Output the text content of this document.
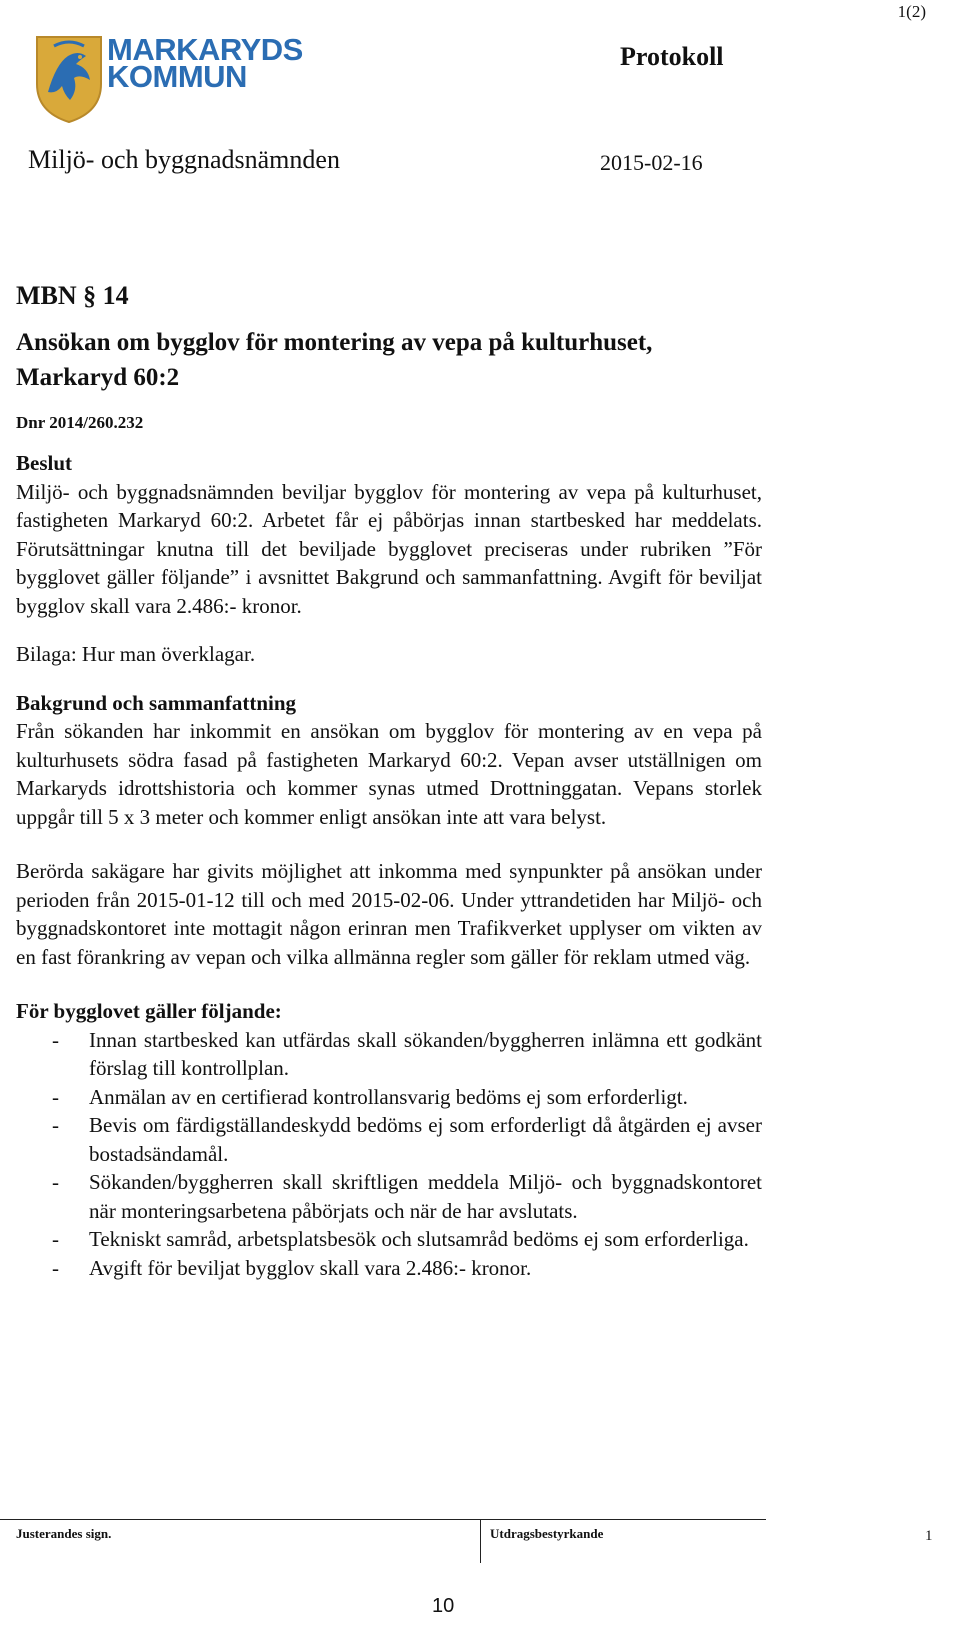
1(2)
MARKARYDS
KOMMUN
Protokoll
Miljö- och byggnadsnämnden	2015-02-16
MBN § 14
Ansökan om bygglov för montering av vepa på kulturhuset, Markaryd 60:2
Dnr 2014/260.232
Beslut

Miljö- och byggnadsnämnden beviljar bygglov för montering av vepa på kulturhuset, fastigheten Markaryd 60:2. Arbetet får ej påbörjas innan startbesked har meddelats. Förutsättningar knutna till det beviljade bygglovet preciseras under rubriken ”För bygglovet gäller följande” i avsnittet Bakgrund och sammanfattning. Avgift för beviljat bygglov skall vara 2.486:- kronor.

Bilaga: Hur man överklagar.

Bakgrund och sammanfattning

Från sökanden har inkommit en ansökan om bygglov för montering av en vepa på kulturhusets södra fasad på fastigheten Markaryd 60:2. Vepan avser utställnigen om Markaryds idrottshistoria och kommer synas utmed Drottninggatan. Vepans storlek uppgår till 5 x 3 meter och kommer enligt ansökan inte att vara belyst.

Berörda sakägare har givits möjlighet att inkomma med synpunkter på ansökan under perioden från 2015-01-12 till och med 2015-02-06. Under yttrandetiden har Miljö- och byggnadskontoret inte mottagit någon erinran men Trafikverket upplyser om vikten av en fast förankring av vepan och vilka allmänna regler som gäller för reklam utmed väg.

För bygglovet gäller följande:
- Innan startbesked kan utfärdas skall sökanden/byggherren inlämna ett godkänt förslag till kontrollplan.
- Anmälan av en certifierad kontrollansvarig bedöms ej som erforderligt.
- Bevis om färdigställandeskydd bedöms ej som erforderligt då åtgärden ej avser bostadsändamål.
- Sökanden/byggherren skall skriftligen meddela Miljö- och byggnadskontoret när monteringsarbetena påbörjats och när de har avslutats.
- Tekniskt samråd, arbetsplatsbesök och slutsamråd bedöms ej som erforderliga.
- Avgift för beviljat bygglov skall vara 2.486:- kronor.
Justerandes sign.	Utdragsbestyrkande	1
10
